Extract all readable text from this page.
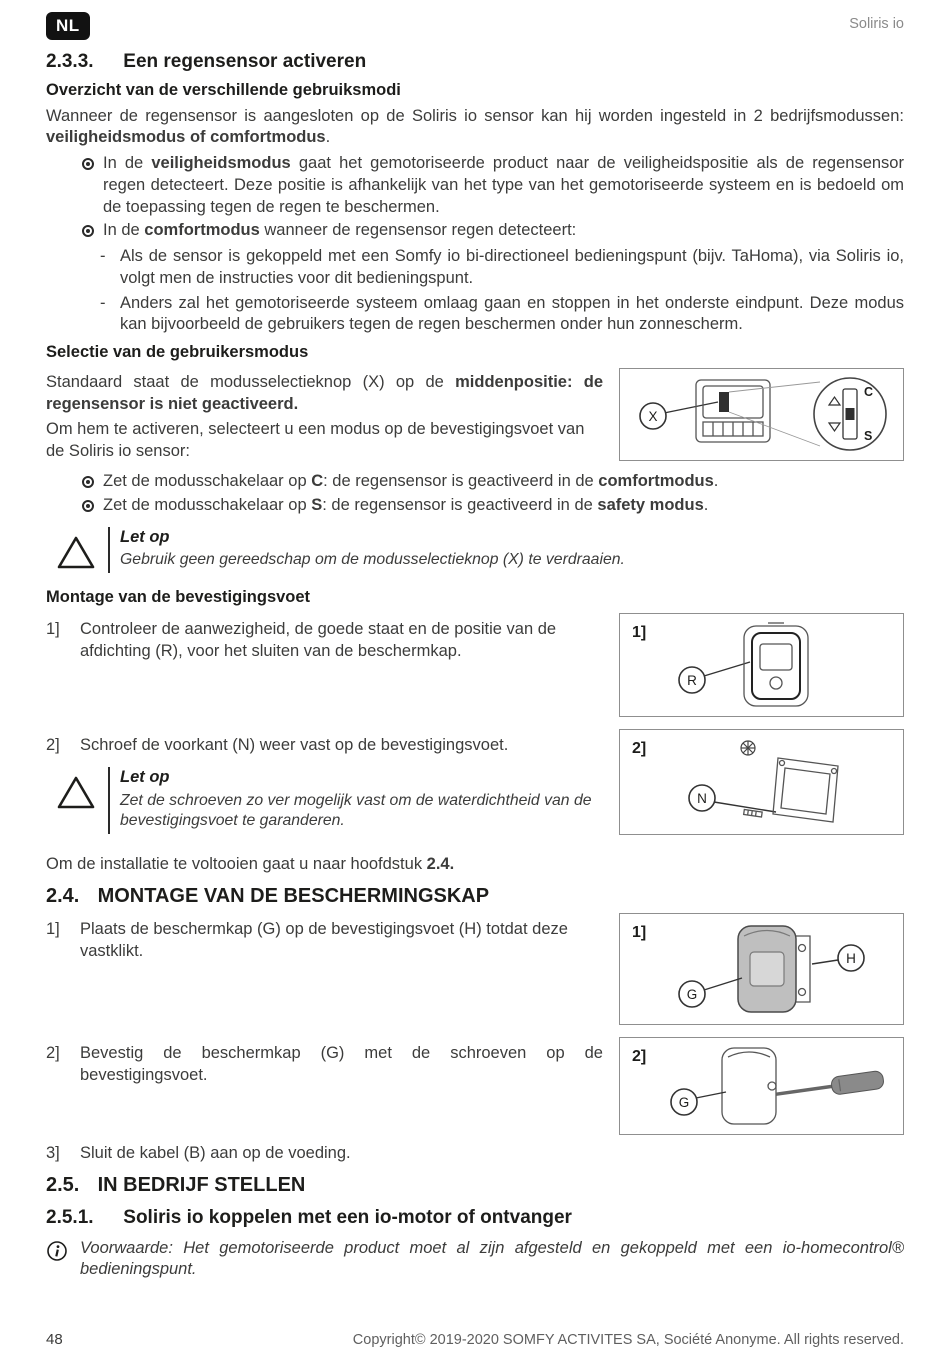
NL	Soliris io
2.3.3. Een regensensor activeren
Overzicht van de verschillende gebruiksmodi

Wanneer de regensensor is aangesloten op de Soliris io sensor kan hij worden ingesteld in 2 bedrijfsmodussen: veiligheidsmodus of comfortmodus.

In de veiligheidsmodus gaat het gemotoriseerde product naar de veiligheidspositie als de regensensor regen detecteert. Deze positie is afhankelijk van het type van het gemotoriseerde systeem en is bedoeld om de toepassing tegen de regen te beschermen.
In de comfortmodus wanneer de regensensor regen detecteert:
- Als de sensor is gekoppeld met een Somfy io bi-directioneel bedieningspunt (bijv. TaHoma), via Soliris io, volgt men de instructies voor dit bedieningspunt.
- Anders zal het gemotoriseerde systeem omlaag gaan en stoppen in het onderste eindpunt. Deze modus kan bijvoorbeeld de gebruikers tegen de regen beschermen onder hun zonnescherm.
Selectie van de gebruikersmodus

Standaard staat de modusselectieknop (X) op de middenpositie: de regensensor is niet geactiveerd.

Om hem te activeren, selecteert u een modus op de bevestigingsvoet van de Soliris io sensor:

X
C
S
Zet de modusschakelaar op C: de regensensor is geactiveerd in de comfortmodus.
Zet de modusschakelaar op S: de regensensor is geactiveerd in de safety modus.
Let op
Gebruik geen gereedschap om de modusselectieknop (X) te verdraaien.
Montage van de bevestigingsvoet
1]	Controleer de aanwezigheid, de goede staat en de positie van de afdichting (R), voor het sluiten van de beschermkap.
1]
R
2]	Schroef de voorkant (N) weer vast op de bevestigingsvoet.
Let op
Zet de schroeven zo ver mogelijk vast om de waterdichtheid van de bevestigingsvoet te garanderen.
2]
N

Om de installatie te voltooien gaat u naar hoofdstuk 2.4.

2.4. MONTAGE VAN DE BESCHERMINGSKAP
1]	Plaats de beschermkap (G) op de bevestigingsvoet (H) totdat deze vastklikt.
1]
H
G
2]	Bevestig de beschermkap (G) met de schroeven op de bevestigingsvoet.
2]
G
3]	Sluit de kabel (B) aan op de voeding.
2.5. IN BEDRIJF STELLEN
2.5.1. Soliris io koppelen met een io-motor of ontvanger
Voorwaarde: Het gemotoriseerde product moet al zijn afgesteld en gekoppeld met een io-homecontrol® bedieningspunt.
48	Copyright© 2019-2020 SOMFY ACTIVITES SA, Société Anonyme. All rights reserved.
